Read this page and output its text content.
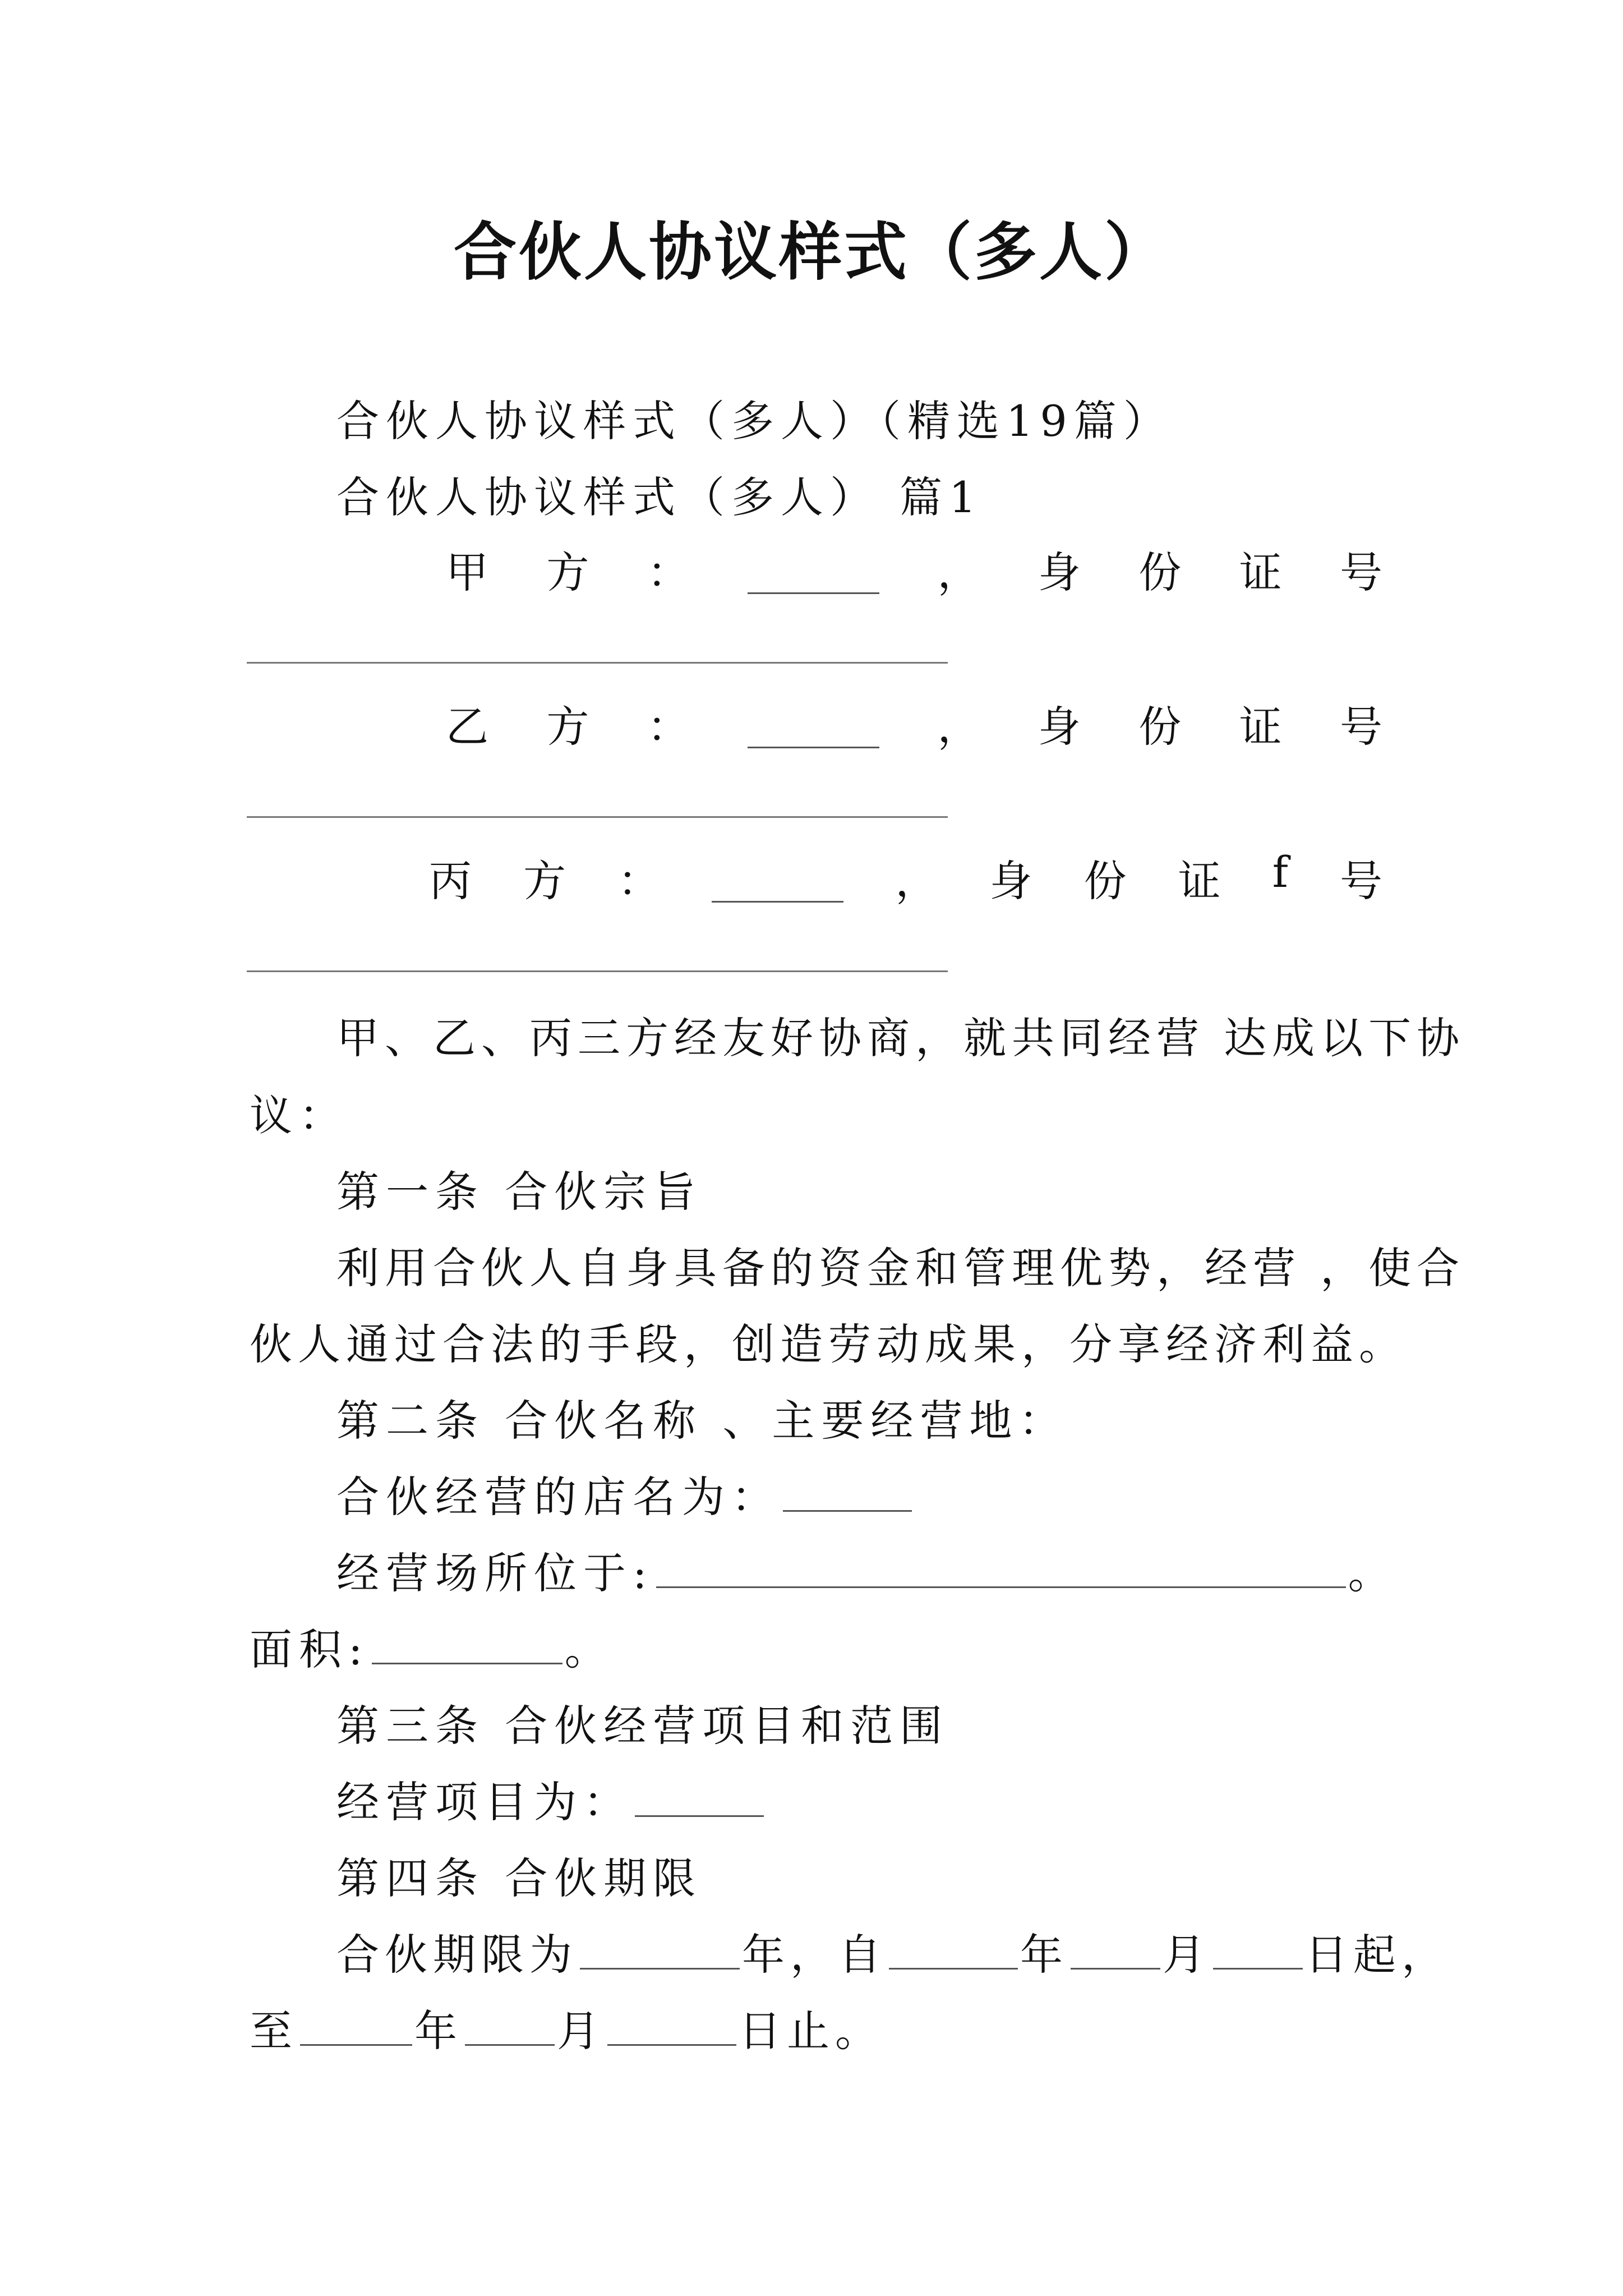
合伙人协议样式（多人）
合伙人协议样式（多人）（精选19篇）
合伙人协议样式（多人） 篇1
甲 方 ：	， 身 份 证 号
乙 方 ：	， 身 份 证 号
丙 方 ：	， 身 份 证 f 号
甲、乙、丙三方经友好协商，就共同经营 达成以下协
议：
第一条 合伙宗旨
利用合伙人自身具备的资金和管理优势，经营 ，使合
伙人通过合法的手段，创造劳动成果，分享经济利益。
第二条 合伙名称 、主要经营地：
合伙经营的店名为：
经营场所位于:	。
面积:	。
第三条 合伙经营项目和范围
经营项目为：
第四条 合伙期限
合伙期限为	年，自	年 月 日起，
至	年 月	日止。
